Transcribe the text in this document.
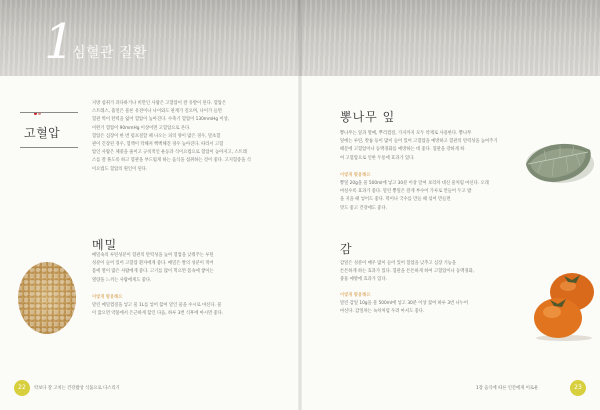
1
심혈관 질환
고혈압
지방 섭취가 과다하거나 비만인 사람은 고혈압이 잘 유발이 된다. 혈압은
스트레스, 흡연은 물론 유전이나 나이와도 관계가 깊으며, 나이가 들면
혈관 벽이 탄력을 잃어 혈압이 높아진다. 수축기 혈압이 130mmHg 이상,
이완기 혈압이 90mmHg 이상이면 고혈압으로 본다.
혈압은 심장이 한 번 펌프질할 때 나오는 피의 양이 많은 경우, 말초혈
관이 긴장된 경우, 혈액이 탁해져 뻑뻑해진 경우 높아진다. 따라서 고혈
압인 사람은 체중을 줄이고 규칙적인 운동과 식이요법으로 혈압이 높아지고, 스트레
스를 잘 풀도록 하고 혈관을 부드럽게 하는 음식을 섭취하는 것이 좋다. 고지혈증을 식
이요법도 혈압의 원인이 된다.
메밀
메밀속의 루틴성분이 혈관의 탄력성을 높여 혈압을 낮춰주는 루틴
성분이 들어 있어 고혈압 환자에게 좋다. 메밀은 쌀의 성분이 적어
몸에 열이 많은 사람에게 좋다. 고기를 많이 먹으면 몸속에 쌓이는
열량을 느끼는 사람에게도 좋다.
이렇게 활용해요
말린 메밀껍질을 넣고 물 1L를 넣어 끓여 달인 물을 수시로 마신다. 물
이 끓으면 약불에서 은근하게 끓인 다음, 하루 3번 식후에 마시면 좋다.
뽕나무 잎
뽕나무는 잎과 열매, 뿌리껍질, 가지까지 모두 약재로 사용한다. 뽕나무
잎에는 루틴, 칼륨 등이 많이 들어 있어 고혈압을 예방하고 혈관의 탄력성을 높여주기
때문에 고혈압이나 동맥경화를 예방하는 데 좋다. 혈관을 강하게 하
여 고혈압으로 인한 두통에 효과가 있다.
이렇게 활용해요
뽕잎 20g을 물 500ml에 넣고 30분 이상 달여 보리차 대신 물처럼 마신다. 오래
마실수록 효과가 좋다. 말린 뽕잎은 잘게 부수어 가루로 만들어 두고 밥
을 지을 때 넣어도 좋다. 떡이나 국수를 만들 때 섞어 만들면
맛도 좋고 건강에도 좋다.
감
감잎은 성분이 매우 많이 들어 있어 혈압을 낮추고 심장 기능을
튼튼하게 하는 효과가 있다. 혈관을 튼튼하게 하여 고혈압이나 동맥경화,
중풍 예방에 효과가 있다.
이렇게 활용해요
말린 감잎 10g을 물 500ml에 넣고 30분 이상 끓여 하루 3번 나누어
마신다. 감잎차는 녹차처럼 우려 마셔도 좋다.
22	약보다 잘 고치는 건강밥상 식품으로 다스리기	1장 음식에 따른 인간에게 이로운	23
